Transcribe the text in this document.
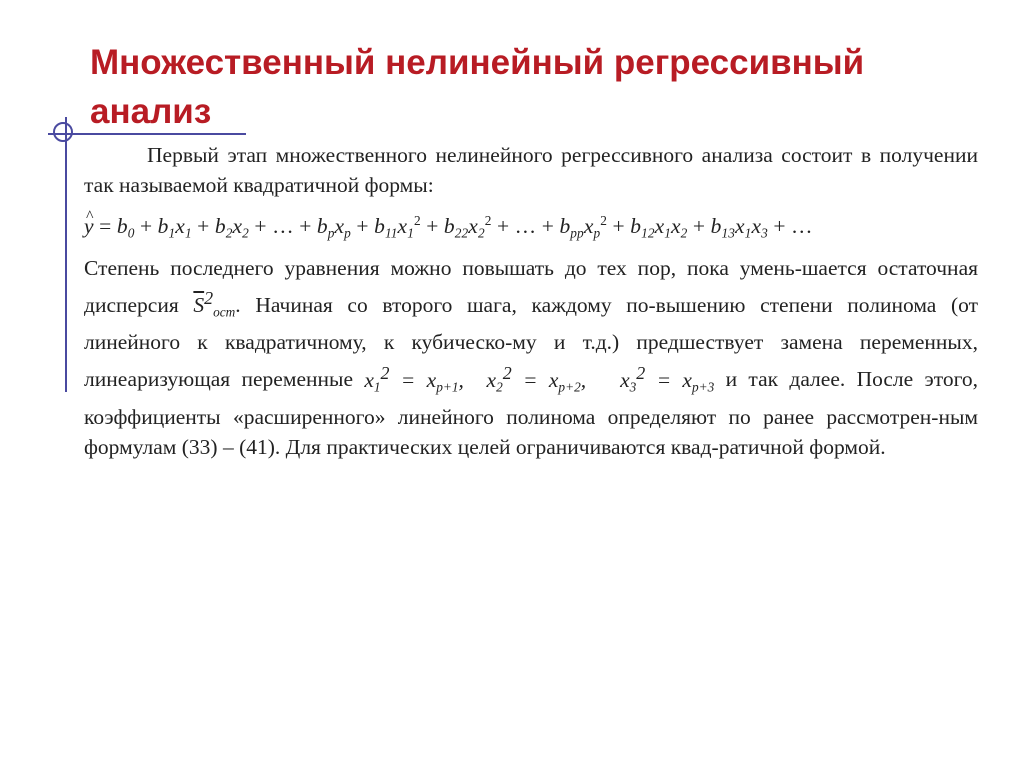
Множественный нелинейный регрессивный анализ

Первый этап множественного нелинейного регрессивного анализа состоит в получении так называемой квадратичной формы:

^ $y = b_0 + b_1x_1 + b_2x_2$ + … + $b_px_p + b_{11}x_1^2 + b_{22}x_2^2$ + … + $b_{pp}x_p^2 + b_{12}x_1x_2 + b_{13}x_1x_3$ + …

Степень последнего уравнения можно повышать до тех пор, пока умень-шается остаточная дисперсия $\overline{S}^2_{ост}$. Начиная со второго шага, каждому по-вышению степени полинома (от линейного к квадратичному, к кубическо-му и т.д.) предшествует замена переменных, линеаризующая переменные $x_1^2 = x_{p+1}$,  $x_2^2 = x_{p+2}$,   $x_3^2 = x_{p+3}$ и так далее. После этого, коэффициенты «расширенного» линейного полинома определяют по ранее рассмотрен-ным формулам (33) – (41). Для практических целей ограничиваются квад-ратичной формой.
